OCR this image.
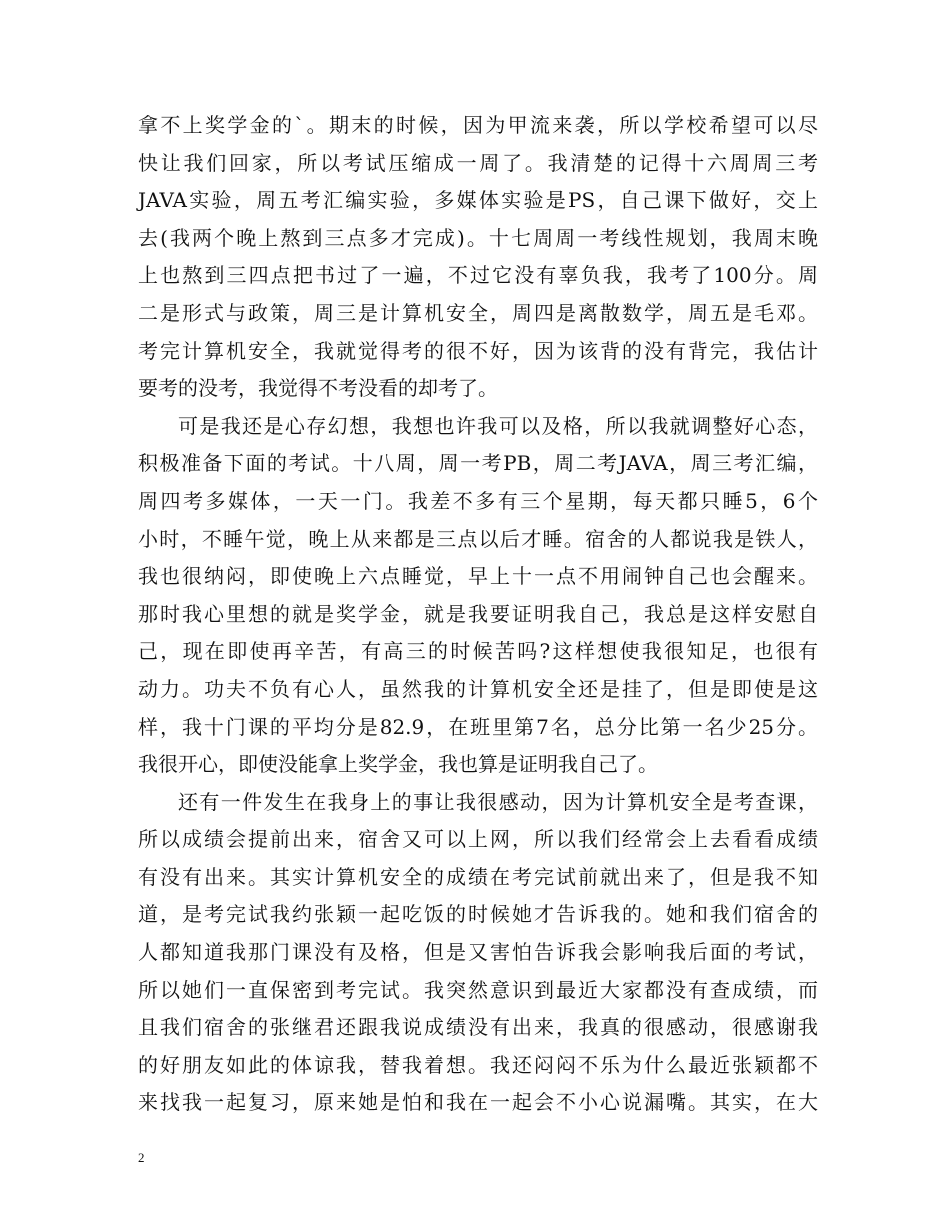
拿不上奖学金的`。期末的时候，因为甲流来袭，所以学校希望可以尽
快让我们回家，所以考试压缩成一周了。我清楚的记得十六周周三考
JAVA实验，周五考汇编实验，多媒体实验是PS，自己课下做好，交上
去(我两个晚上熬到三点多才完成)。十七周周一考线性规划，我周末晚
上也熬到三四点把书过了一遍，不过它没有辜负我，我考了100分。周
二是形式与政策，周三是计算机安全，周四是离散数学，周五是毛邓。
考完计算机安全，我就觉得考的很不好，因为该背的没有背完，我估计
要考的没考，我觉得不考没看的却考了。
可是我还是心存幻想，我想也许我可以及格，所以我就调整好心态，
积极准备下面的考试。十八周，周一考PB，周二考JAVA，周三考汇编，
周四考多媒体，一天一门。我差不多有三个星期，每天都只睡5，6个
小时，不睡午觉，晚上从来都是三点以后才睡。宿舍的人都说我是铁人，
我也很纳闷，即使晚上六点睡觉，早上十一点不用闹钟自己也会醒来。
那时我心里想的就是奖学金，就是我要证明我自己，我总是这样安慰自
己，现在即使再辛苦，有高三的时候苦吗?这样想使我很知足，也很有
动力。功夫不负有心人，虽然我的计算机安全还是挂了，但是即使是这
样，我十门课的平均分是82.9，在班里第7名，总分比第一名少25分。
我很开心，即使没能拿上奖学金，我也算是证明我自己了。
还有一件发生在我身上的事让我很感动，因为计算机安全是考查课，
所以成绩会提前出来，宿舍又可以上网，所以我们经常会上去看看成绩
有没有出来。其实计算机安全的成绩在考完试前就出来了，但是我不知
道，是考完试我约张颖一起吃饭的时候她才告诉我的。她和我们宿舍的
人都知道我那门课没有及格，但是又害怕告诉我会影响我后面的考试，
所以她们一直保密到考完试。我突然意识到最近大家都没有查成绩，而
且我们宿舍的张继君还跟我说成绩没有出来，我真的很感动，很感谢我
的好朋友如此的体谅我，替我着想。我还闷闷不乐为什么最近张颖都不
来找我一起复习，原来她是怕和我在一起会不小心说漏嘴。其实，在大
2
